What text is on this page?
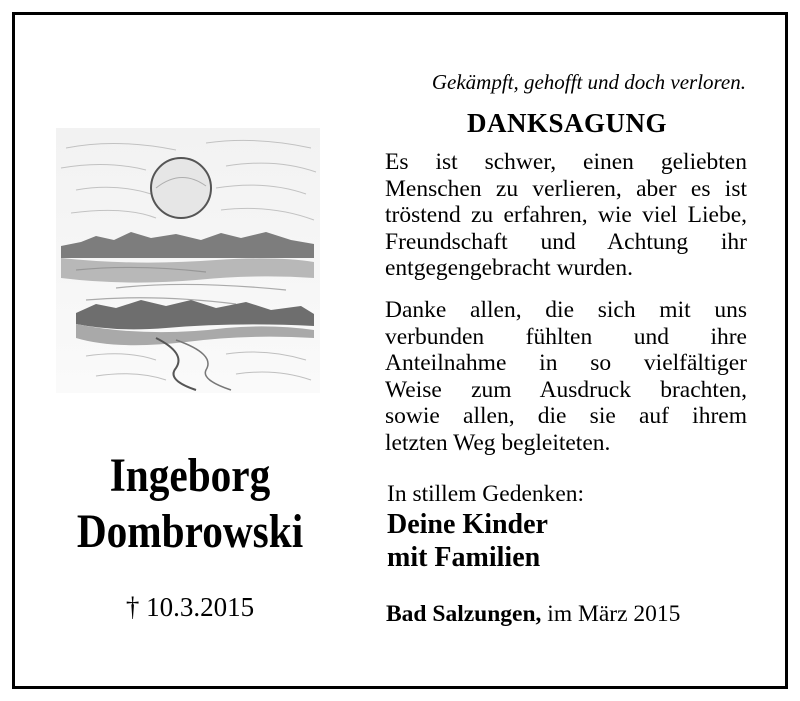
Gekämpft, gehofft und doch verloren.
DANKSAGUNG
Es ist schwer, einen geliebten
Menschen zu verlieren, aber es ist
tröstend zu erfahren, wie viel Liebe,
Freundschaft und Achtung ihr
entgegengebracht wurden.
Danke allen, die sich mit uns
verbunden fühlten und ihre
Anteilnahme in so vielfältiger
Weise zum Ausdruck brachten,
sowie allen, die sie auf ihrem
letzten Weg begleiteten.
In stillem Gedenken:
Deine Kinder
mit Familien
Bad Salzungen, im März 2015
Ingeborg
Dombrowski
† 10.3.2015
